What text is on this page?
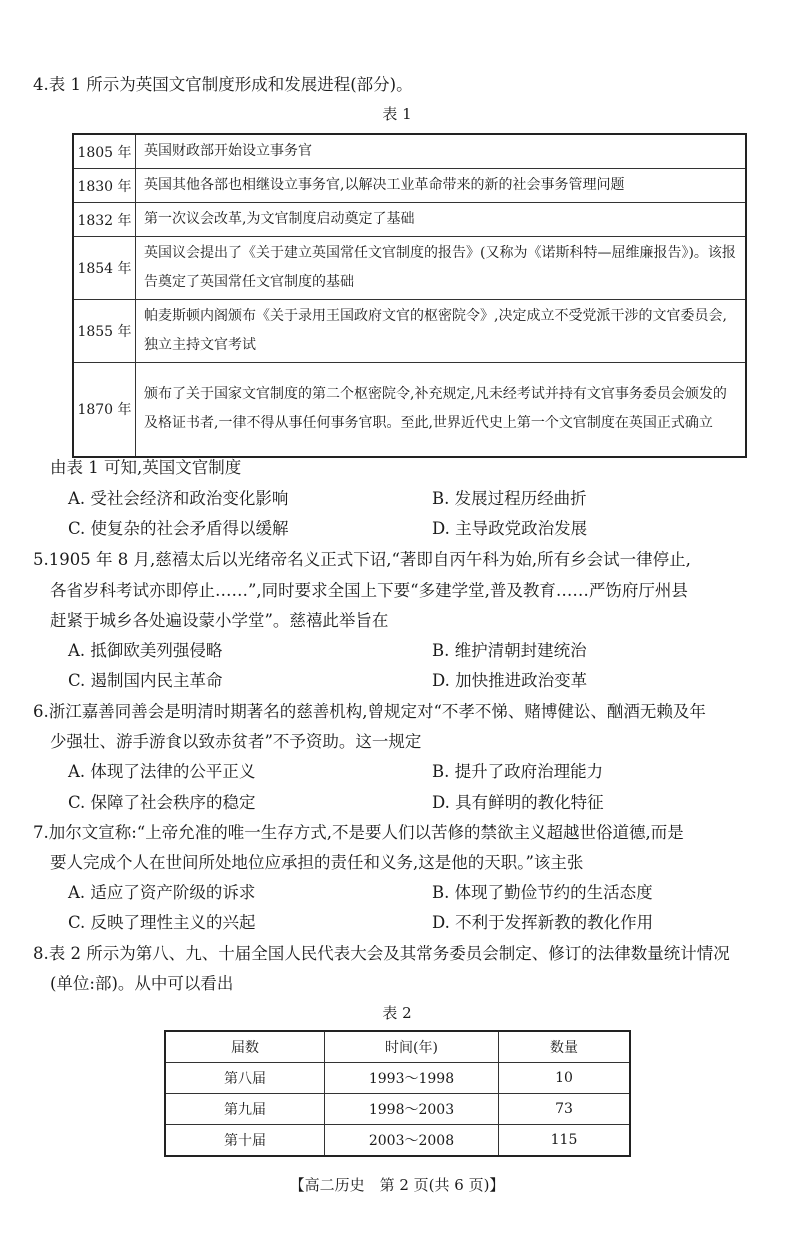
4.表 1 所示为英国文官制度形成和发展进程(部分)。
表 1
1805 年	英国财政部开始设立事务官
1830 年	英国其他各部也相继设立事务官,以解决工业革命带来的新的社会事务管理问题
1832 年	第一次议会改革,为文官制度启动奠定了基础
1854 年	英国议会提出了《关于建立英国常任文官制度的报告》(又称为《诺斯科特—屈维廉报告》)。该报告奠定了英国常任文官制度的基础
1855 年	帕麦斯顿内阁颁布《关于录用王国政府文官的枢密院令》,决定成立不受党派干涉的文官委员会,独立主持文官考试
1870 年	颁布了关于国家文官制度的第二个枢密院令,补充规定,凡未经考试并持有文官事务委员会颁发的及格证书者,一律不得从事任何事务官职。至此,世界近代史上第一个文官制度在英国正式确立
由表 1 可知,英国文官制度
A. 受社会经济和政治变化影响	B. 发展过程历经曲折
C. 使复杂的社会矛盾得以缓解	D. 主导政党政治发展
5.1905 年 8 月,慈禧太后以光绪帝名义正式下诏,“著即自丙午科为始,所有乡会试一律停止,
各省岁科考试亦即停止……”,同时要求全国上下要“多建学堂,普及教育……严饬府厅州县
赶紧于城乡各处遍设蒙小学堂”。慈禧此举旨在
A. 抵御欧美列强侵略	B. 维护清朝封建统治
C. 遏制国内民主革命	D. 加快推进政治变革
6.浙江嘉善同善会是明清时期著名的慈善机构,曾规定对“不孝不悌、赌博健讼、酗酒无赖及年
少强壮、游手游食以致赤贫者”不予资助。这一规定
A. 体现了法律的公平正义	B. 提升了政府治理能力
C. 保障了社会秩序的稳定	D. 具有鲜明的教化特征
7.加尔文宣称:“上帝允准的唯一生存方式,不是要人们以苦修的禁欲主义超越世俗道德,而是
要人完成个人在世间所处地位应承担的责任和义务,这是他的天职。”该主张
A. 适应了资产阶级的诉求	B. 体现了勤俭节约的生活态度
C. 反映了理性主义的兴起	D. 不利于发挥新教的教化作用
8.表 2 所示为第八、九、十届全国人民代表大会及其常务委员会制定、修订的法律数量统计情况
(单位:部)。从中可以看出
表 2
届数	时间(年)	数量
第八届	1993～1998	10
第九届	1998～2003	73
第十届	2003～2008	115
【高二历史　第 2 页(共 6 页)】
